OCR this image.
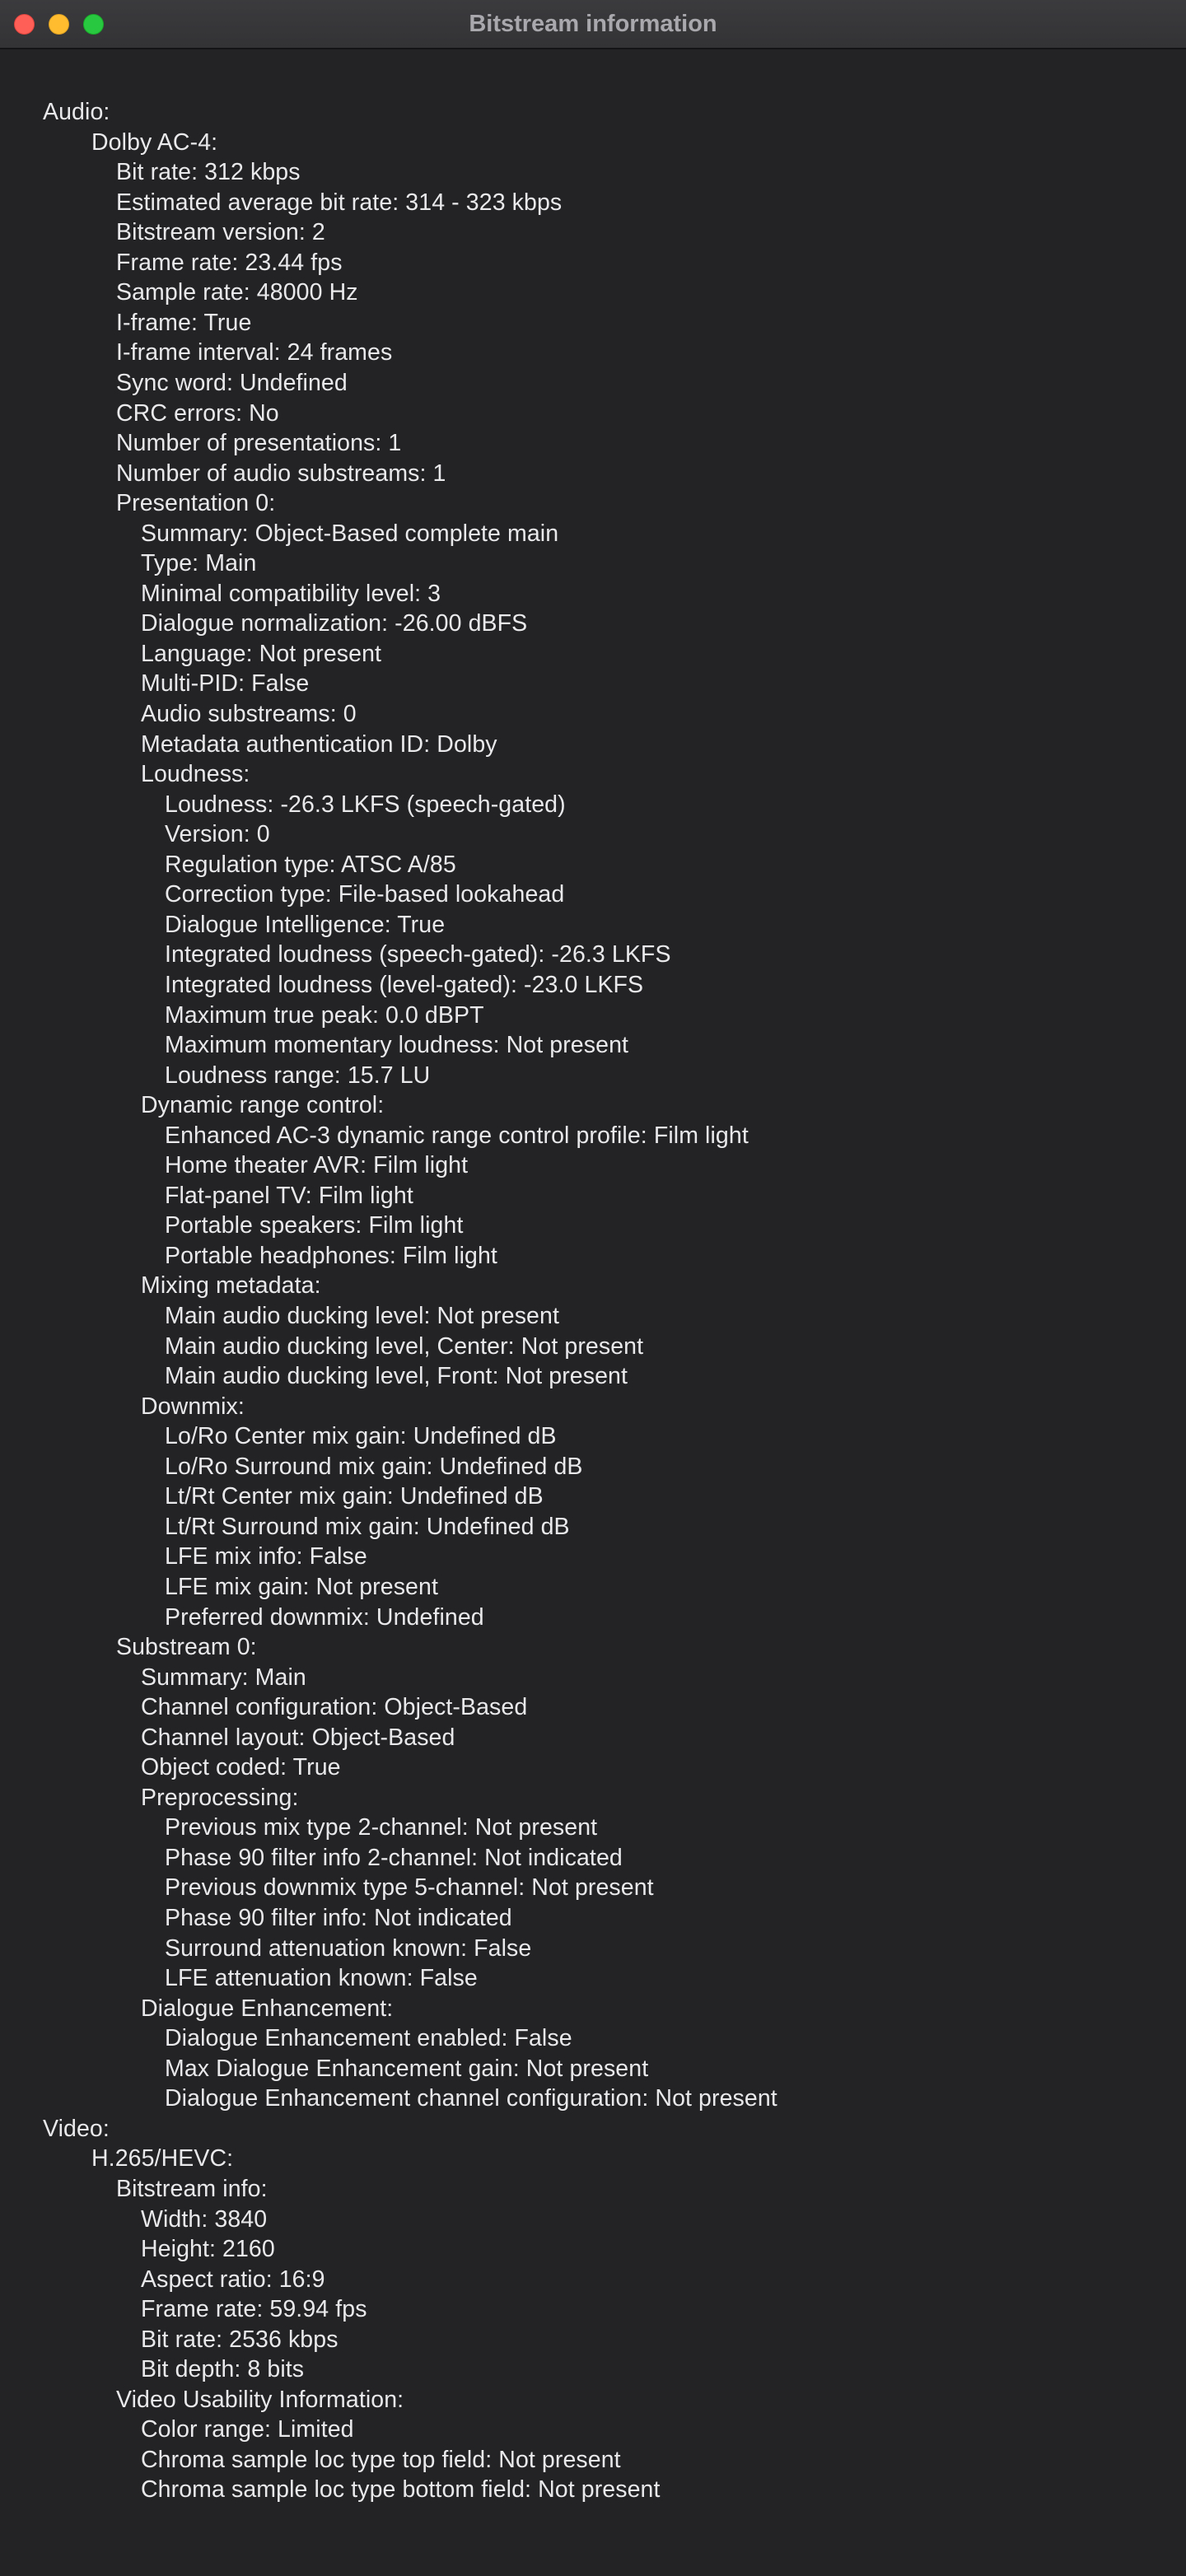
Bitstream information
Audio:
Dolby AC-4:
Bit rate: 312 kbps
Estimated average bit rate: 314 - 323 kbps
Bitstream version: 2
Frame rate: 23.44 fps
Sample rate: 48000 Hz
I-frame: True
I-frame interval: 24 frames
Sync word: Undefined
CRC errors: No
Number of presentations: 1
Number of audio substreams: 1
Presentation 0:
Summary: Object-Based complete main
Type: Main
Minimal compatibility level: 3
Dialogue normalization: -26.00 dBFS
Language: Not present
Multi-PID: False
Audio substreams: 0
Metadata authentication ID: Dolby
Loudness:
Loudness: -26.3 LKFS (speech-gated)
Version: 0
Regulation type: ATSC A/85
Correction type: File-based lookahead
Dialogue Intelligence: True
Integrated loudness (speech-gated): -26.3 LKFS
Integrated loudness (level-gated): -23.0 LKFS
Maximum true peak: 0.0 dBPT
Maximum momentary loudness: Not present
Loudness range: 15.7 LU
Dynamic range control:
Enhanced AC-3 dynamic range control profile: Film light
Home theater AVR: Film light
Flat-panel TV: Film light
Portable speakers: Film light
Portable headphones: Film light
Mixing metadata:
Main audio ducking level: Not present
Main audio ducking level, Center: Not present
Main audio ducking level, Front: Not present
Downmix:
Lo/Ro Center mix gain: Undefined dB
Lo/Ro Surround mix gain: Undefined dB
Lt/Rt Center mix gain: Undefined dB
Lt/Rt Surround mix gain: Undefined dB
LFE mix info: False
LFE mix gain: Not present
Preferred downmix: Undefined
Substream 0:
Summary: Main
Channel configuration: Object-Based
Channel layout: Object-Based
Object coded: True
Preprocessing:
Previous mix type 2-channel: Not present
Phase 90 filter info 2-channel: Not indicated
Previous downmix type 5-channel: Not present
Phase 90 filter info: Not indicated
Surround attenuation known: False
LFE attenuation known: False
Dialogue Enhancement:
Dialogue Enhancement enabled: False
Max Dialogue Enhancement gain: Not present
Dialogue Enhancement channel configuration: Not present
Video:
H.265/HEVC:
Bitstream info:
Width: 3840
Height: 2160
Aspect ratio: 16:9
Frame rate: 59.94 fps
Bit rate: 2536 kbps
Bit depth: 8 bits
Video Usability Information:
Color range: Limited
Chroma sample loc type top field: Not present
Chroma sample loc type bottom field: Not present
